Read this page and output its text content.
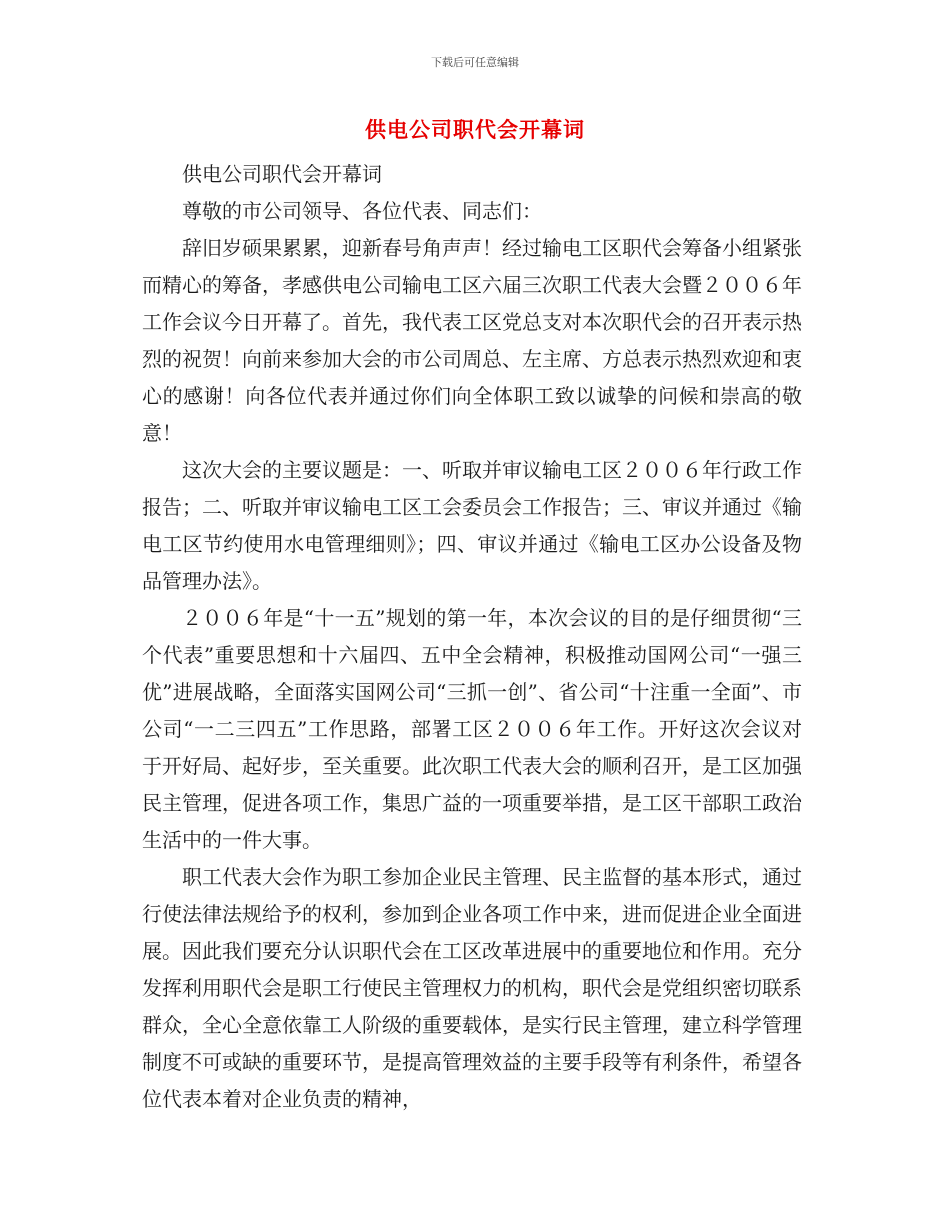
下载后可任意编辑
供电公司职代会开幕词

供电公司职代会开幕词

尊敬的市公司领导、各位代表、同志们：

辞旧岁硕果累累，迎新春号角声声！经过输电工区职代会筹备小组紧张而精心的筹备，孝感供电公司输电工区六届三次职工代表大会暨２００６年工作会议今日开幕了。首先，我代表工区党总支对本次职代会的召开表示热烈的祝贺！向前来参加大会的市公司周总、左主席、方总表示热烈欢迎和衷心的感谢！向各位代表并通过你们向全体职工致以诚挚的问候和崇高的敬意！

这次大会的主要议题是：一、听取并审议输电工区２００６年行政工作报告；二、听取并审议输电工区工会委员会工作报告；三、审议并通过《输电工区节约使用水电管理细则》；四、审议并通过《输电工区办公设备及物品管理办法》。

２００６年是“十一五”规划的第一年，本次会议的目的是仔细贯彻“三个代表”重要思想和十六届四、五中全会精神，积极推动国网公司“一强三优”进展战略，全面落实国网公司“三抓一创”、省公司“十注重一全面”、市公司“一二三四五”工作思路，部署工区２００６年工作。开好这次会议对于开好局、起好步，至关重要。此次职工代表大会的顺利召开，是工区加强民主管理，促进各项工作，集思广益的一项重要举措，是工区干部职工政治生活中的一件大事。

职工代表大会作为职工参加企业民主管理、民主监督的基本形式，通过行使法律法规给予的权利，参加到企业各项工作中来，进而促进企业全面进展。因此我们要充分认识职代会在工区改革进展中的重要地位和作用。充分发挥利用职代会是职工行使民主管理权力的机构，职代会是党组织密切联系群众，全心全意依靠工人阶级的重要载体，是实行民主管理，建立科学管理制度不可或缺的重要环节，是提高管理效益的主要手段等有利条件，希望各位代表本着对企业负责的精神，
